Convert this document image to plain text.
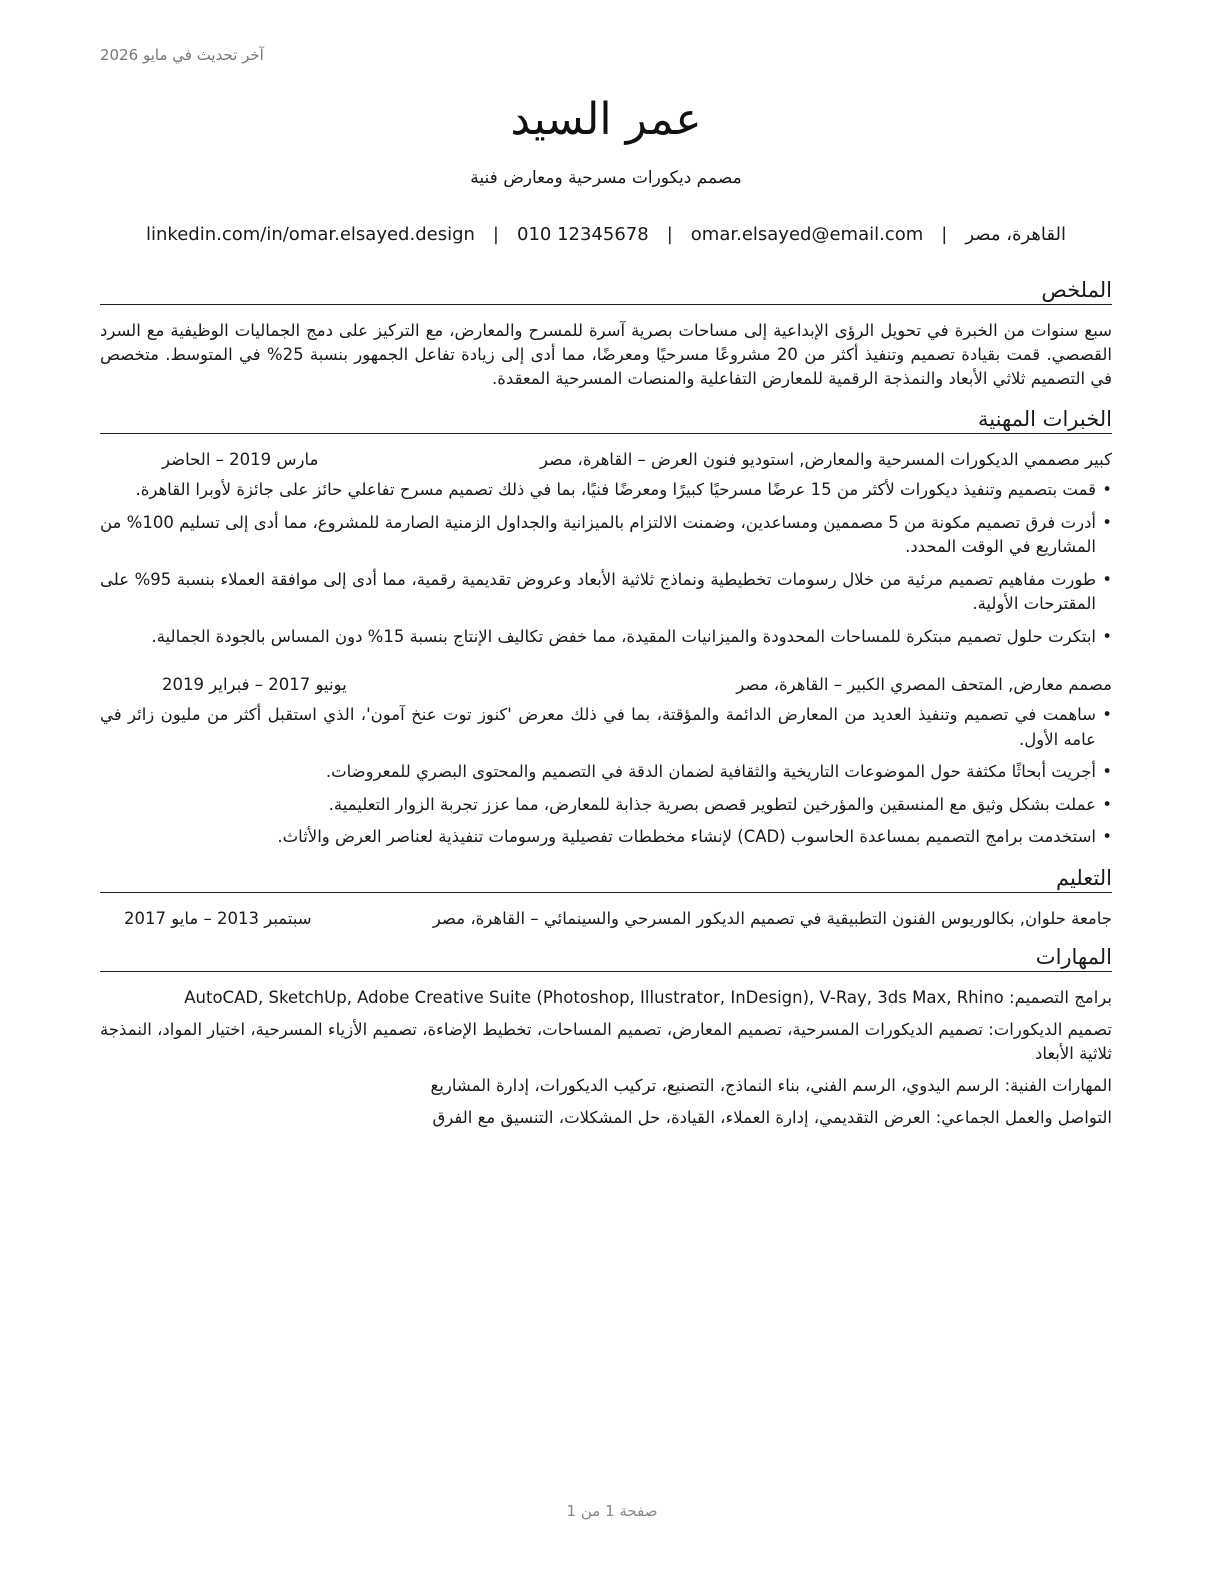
آخر تحديث في مايو 2026
عمر السيد
مصمم ديكورات مسرحية ومعارض فنية
القاهرة، مصر
|
omar.elsayed@email.com
|
010 12345678
|
linkedin.com/in/omar.elsayed.design
الملخص

سبع سنوات من الخبرة في تحويل الرؤى الإبداعية إلى مساحات بصرية آسرة للمسرح والمعارض، مع التركيز على دمج الجماليات الوظيفية مع السرد القصصي. قمت بقيادة تصميم وتنفيذ أكثر من 20 مشروعًا مسرحيًا ومعرضًا، مما أدى إلى زيادة تفاعل الجمهور بنسبة 25% في المتوسط. متخصص في التصميم ثلاثي الأبعاد والنمذجة الرقمية للمعارض التفاعلية والمنصات المسرحية المعقدة.

الخبرات المهنية
كبير مصممي الديكورات المسرحية والمعارض, استوديو فنون العرض – القاهرة، مصر
مارس 2019 – الحاضر
• قمت بتصميم وتنفيذ ديكورات لأكثر من 15 عرضًا مسرحيًا كبيرًا ومعرضًا فنيًا، بما في ذلك تصميم مسرح تفاعلي حائز على جائزة لأوبرا القاهرة.
• أدرت فرق تصميم مكونة من 5 مصممين ومساعدين، وضمنت الالتزام بالميزانية والجداول الزمنية الصارمة للمشروع، مما أدى إلى تسليم 100% من المشاريع في الوقت المحدد.
• طورت مفاهيم تصميم مرئية من خلال رسومات تخطيطية ونماذج ثلاثية الأبعاد وعروض تقديمية رقمية، مما أدى إلى موافقة العملاء بنسبة 95% على المقترحات الأولية.
• ابتكرت حلول تصميم مبتكرة للمساحات المحدودة والميزانيات المقيدة، مما خفض تكاليف الإنتاج بنسبة 15% دون المساس بالجودة الجمالية.
مصمم معارض, المتحف المصري الكبير – القاهرة، مصر
يونيو 2017 – فبراير 2019
• ساهمت في تصميم وتنفيذ العديد من المعارض الدائمة والمؤقتة، بما في ذلك معرض 'كنوز توت عنخ آمون'، الذي استقبل أكثر من مليون زائر في عامه الأول.
• أجريت أبحاثًا مكثفة حول الموضوعات التاريخية والثقافية لضمان الدقة في التصميم والمحتوى البصري للمعروضات.
• عملت بشكل وثيق مع المنسقين والمؤرخين لتطوير قصص بصرية جذابة للمعارض، مما عزز تجربة الزوار التعليمية.
• استخدمت برامج التصميم بمساعدة الحاسوب (CAD) لإنشاء مخططات تفصيلية ورسومات تنفيذية لعناصر العرض والأثاث.
التعليم
جامعة حلوان, بكالوريوس الفنون التطبيقية في تصميم الديكور المسرحي والسينمائي – القاهرة، مصر
سبتمبر 2013 – مايو 2017
المهارات
برامج التصميم: AutoCAD, SketchUp, Adobe Creative Suite (Photoshop, Illustrator, InDesign), V-Ray, 3ds Max, Rhino
تصميم الديكورات: تصميم الديكورات المسرحية، تصميم المعارض، تصميم المساحات، تخطيط الإضاءة، تصميم الأزياء المسرحية، اختيار المواد، النمذجة ثلاثية الأبعاد
المهارات الفنية: الرسم اليدوي، الرسم الفني، بناء النماذج، التصنيع، تركيب الديكورات، إدارة المشاريع
التواصل والعمل الجماعي: العرض التقديمي، إدارة العملاء، القيادة، حل المشكلات، التنسيق مع الفرق
صفحة 1 من 1
